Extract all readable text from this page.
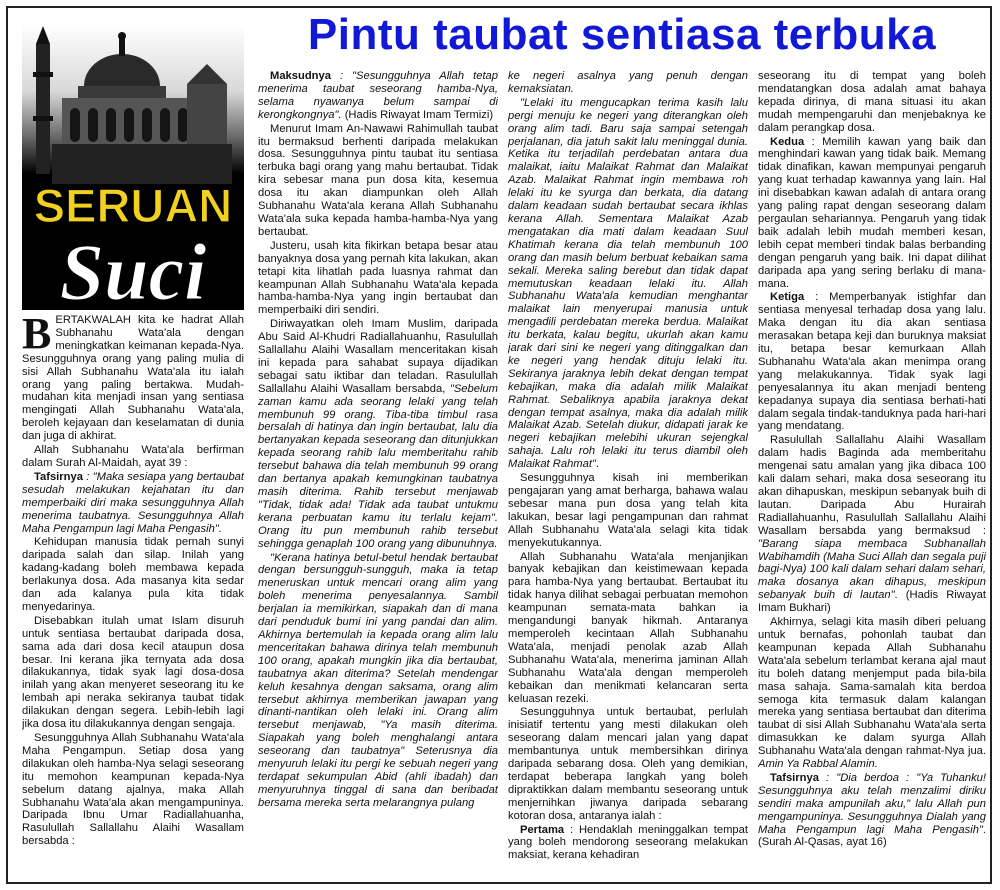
SERUAN
Suci
Pintu taubat sentiasa terbuka

BERTAKWALAH kita ke hadrat Allah Subhanahu Wata'ala dengan meningkatkan keimanan kepada-Nya. Sesungguhnya orang yang paling mulia di sisi Allah Subhanahu Wata'ala itu ialah orang yang paling bertakwa. Mudah-mudahan kita menjadi insan yang sentiasa mengingati Allah Subhanahu Wata'ala, beroleh kejayaan dan keselamatan di dunia dan juga di akhirat.

Allah Subhanahu Wata'ala berfirman dalam Surah Al-Maidah, ayat 39 :

Tafsirnya : "Maka sesiapa yang bertaubat sesudah melakukan kejahatan itu dan memperbaiki diri maka sesungguhnya Allah menerima taubatnya. Sesungguhnya Allah Maha Pengampun lagi Maha Pengasih".

Kehidupan manusia tidak pernah sunyi daripada salah dan silap. Inilah yang kadang-kadang boleh membawa kepada berlakunya dosa. Ada masanya kita sedar dan ada kalanya pula kita tidak menyedarinya.

Disebabkan itulah umat Islam disuruh untuk sentiasa bertaubat daripada dosa, sama ada dari dosa kecil ataupun dosa besar. Ini kerana jika ternyata ada dosa dilakukannya, tidak syak lagi dosa-dosa inilah yang akan menyeret seseorang itu ke lembah api neraka sekiranya taubat tidak dilakukan dengan segera. Lebih-lebih lagi jika dosa itu dilakukannya dengan sengaja.

Sesungguhnya Allah Subhanahu Wata'ala Maha Pengampun. Setiap dosa yang dilakukan oleh hamba-Nya selagi seseorang itu memohon keampunan kepada-Nya sebelum datang ajalnya, maka Allah Subhanahu Wata'ala akan mengampuninya. Daripada Ibnu Umar Radiallahuanha, Rasulullah Sallallahu Alaihi Wasallam bersabda :

Maksudnya : "Sesungguhnya Allah tetap menerima taubat seseorang hamba-Nya, selama nyawanya belum sampai di kerongkongnya". (Hadis Riwayat Imam Termizi)

Menurut Imam An-Nawawi Rahimullah taubat itu bermaksud berhenti daripada melakukan dosa. Sesungguhnya pintu taubat itu sentiasa terbuka bagi orang yang mahu bertaubat. Tidak kira sebesar mana pun dosa kita, kesemua dosa itu akan diampunkan oleh Allah Subhanahu Wata'ala kerana Allah Subhanahu Wata'ala suka kepada hamba-hamba-Nya yang bertaubat.

Justeru, usah kita fikirkan betapa besar atau banyaknya dosa yang pernah kita lakukan, akan tetapi kita lihatlah pada luasnya rahmat dan keampunan Allah Subhanahu Wata'ala kepada hamba-hamba-Nya yang ingin bertaubat dan memperbaiki diri sendiri.

Diriwayatkan oleh Imam Muslim, daripada Abu Said Al-Khudri Radiallahuanhu, Rasulullah Sallallahu Alaihi Wasallam menceritakan kisah ini kepada para sahabat supaya dijadikan sebagai satu iktibar dan teladan. Rasulullah Sallallahu Alaihi Wasallam bersabda, "Sebelum zaman kamu ada seorang lelaki yang telah membunuh 99 orang. Tiba-tiba timbul rasa bersalah di hatinya dan ingin bertaubat, lalu dia bertanyakan kepada seseorang dan ditunjukkan kepada seorang rahib lalu memberitahu rahib tersebut bahawa dia telah membunuh 99 orang dan bertanya apakah kemungkinan taubatnya masih diterima. Rahib tersebut menjawab "Tidak, tidak ada! Tidak ada taubat untukmu kerana perbuatan kamu itu terlalu kejam". Orang itu pun membunuh rahib tersebut sehingga genaplah 100 orang yang dibunuhnya.

"Kerana hatinya betul-betul hendak bertaubat dengan bersungguh-sungguh, maka ia tetap meneruskan untuk mencari orang alim yang boleh menerima penyesalannya. Sambil berjalan ia memikirkan, siapakah dan di mana dari penduduk bumi ini yang pandai dan alim. Akhirnya bertemulah ia kepada orang alim lalu menceritakan bahawa dirinya telah membunuh 100 orang, apakah mungkin jika dia bertaubat, taubatnya akan diterima? Setelah mendengar keluh kesahnya dengan saksama, orang alim tersebut akhirnya memberikan jawapan yang dinanti-nantikan oleh lelaki ini. Orang alim tersebut menjawab, "Ya masih diterima. Siapakah yang boleh menghalangi antara seseorang dan taubatnya" Seterusnya dia menyuruh lelaki itu pergi ke sebuah negeri yang terdapat sekumpulan Abid (ahli ibadah) dan menyuruhnya tinggal di sana dan beribadat bersama mereka serta melarangnya pulang

ke negeri asalnya yang penuh dengan kemaksiatan.

"Lelaki itu mengucapkan terima kasih lalu pergi menuju ke negeri yang diterangkan oleh orang alim tadi. Baru saja sampai setengah perjalanan, dia jatuh sakit lalu meninggal dunia. Ketika itu terjadilah perdebatan antara dua malaikat, iaitu Malaikat Rahmat dan Malaikat Azab. Malaikat Rahmat ingin membawa roh lelaki itu ke syurga dan berkata, dia datang dalam keadaan sudah bertaubat secara ikhlas kerana Allah. Sementara Malaikat Azab mengatakan dia mati dalam keadaan Suul Khatimah kerana dia telah membunuh 100 orang dan masih belum berbuat kebaikan sama sekali. Mereka saling berebut dan tidak dapat memutuskan keadaan lelaki itu. Allah Subhanahu Wata'ala kemudian menghantar malaikat lain menyerupai manusia untuk mengadili perdebatan mereka berdua. Malaikat itu berkata, kalau begitu, ukurlah akan kamu jarak dari sini ke negeri yang ditinggalkan dan ke negeri yang hendak dituju lelaki itu. Sekiranya jaraknya lebih dekat dengan tempat kebajikan, maka dia adalah milik Malaikat Rahmat. Sebaliknya apabila jaraknya dekat dengan tempat asalnya, maka dia adalah milik Malaikat Azab. Setelah diukur, didapati jarak ke negeri kebajikan melebihi ukuran sejengkal sahaja. Lalu roh lelaki itu terus diambil oleh Malaikat Rahmat".

Sesungguhnya kisah ini memberikan pengajaran yang amat berharga, bahawa walau sebesar mana pun dosa yang telah kita lakukan, besar lagi pengampunan dan rahmat Allah Subhanahu Wata'ala selagi kita tidak menyekutukannya.

Allah Subhanahu Wata'ala menjanjikan banyak kebajikan dan keistimewaan kepada para hamba-Nya yang bertaubat. Bertaubat itu tidak hanya dilihat sebagai perbuatan memohon keampunan semata-mata bahkan ia mengandungi banyak hikmah. Antaranya memperoleh kecintaan Allah Subhanahu Wata'ala, menjadi penolak azab Allah Subhanahu Wata'ala, menerima jaminan Allah Subhanahu Wata'ala dengan memperoleh kebaikan dan menikmati kelancaran serta keluasan rezeki.

Sesungguhnya untuk bertaubat, perlulah inisiatif tertentu yang mesti dilakukan oleh seseorang dalam mencari jalan yang dapat membantunya untuk membersihkan dirinya daripada sebarang dosa. Oleh yang demikian, terdapat beberapa langkah yang boleh dipraktikkan dalam membantu seseorang untuk menjernihkan jiwanya daripada sebarang kotoran dosa, antaranya ialah :

Pertama : Hendaklah meninggalkan tempat yang boleh mendorong seseorang melakukan maksiat, kerana kehadiran

seseorang itu di tempat yang boleh mendatangkan dosa adalah amat bahaya kepada dirinya, di mana situasi itu akan mudah mempengaruhi dan menjebaknya ke dalam perangkap dosa.

Kedua : Memilih kawan yang baik dan menghindari kawan yang tidak baik. Memang tidak dinafikan, kawan mempunyai pengaruh yang kuat terhadap kawannya yang lain. Hal ini disebabkan kawan adalah di antara orang yang paling rapat dengan seseorang dalam pergaulan sehariannya. Pengaruh yang tidak baik adalah lebih mudah memberi kesan, lebih cepat memberi tindak balas berbanding dengan pengaruh yang baik. Ini dapat dilihat daripada apa yang sering berlaku di mana-mana.

Ketiga : Memperbanyak istighfar dan sentiasa menyesal terhadap dosa yang lalu. Maka dengan itu dia akan sentiasa merasakan betapa keji dan buruknya maksiat itu, betapa besar kemurkaan Allah Subhanahu Wata'ala akan menimpa orang yang melakukannya. Tidak syak lagi penyesalannya itu akan menjadi benteng kepadanya supaya dia sentiasa berhati-hati dalam segala tindak-tanduknya pada hari-hari yang mendatang.

Rasulullah Sallallahu Alaihi Wasallam dalam hadis Baginda ada memberitahu mengenai satu amalan yang jika dibaca 100 kali dalam sehari, maka dosa seseorang itu akan dihapuskan, meskipun sebanyak buih di lautan. Daripada Abu Hurairah Radiallahuanhu, Rasulullah Sallallahu Alaihi Wasallam bersabda yang bermaksud : "Barang siapa membaca Subhanallah Wabihamdih (Maha Suci Allah dan segala puji bagi-Nya) 100 kali dalam sehari dalam sehari, maka dosanya akan dihapus, meskipun sebanyak buih di lautan". (Hadis Riwayat Imam Bukhari)

Akhirnya, selagi kita masih diberi peluang untuk bernafas, pohonlah taubat dan keampunan kepada Allah Subhanahu Wata'ala sebelum terlambat kerana ajal maut itu boleh datang menjemput pada bila-bila masa sahaja. Sama-samalah kita berdoa semoga kita termasuk dalam kalangan mereka yang sentiasa bertaubat dan diterima taubat di sisi Allah Subhanahu Wata'ala serta dimasukkan ke dalam syurga Allah Subhanahu Wata'ala dengan rahmat-Nya jua. Amin Ya Rabbal Alamin.

Tafsirnya : "Dia berdoa : "Ya Tuhanku! Sesungguhnya aku telah menzalimi diriku sendiri maka ampunilah aku," lalu Allah pun mengampuninya. Sesungguhnya Dialah yang Maha Pengampun lagi Maha Pengasih". (Surah Al-Qasas, ayat 16)
